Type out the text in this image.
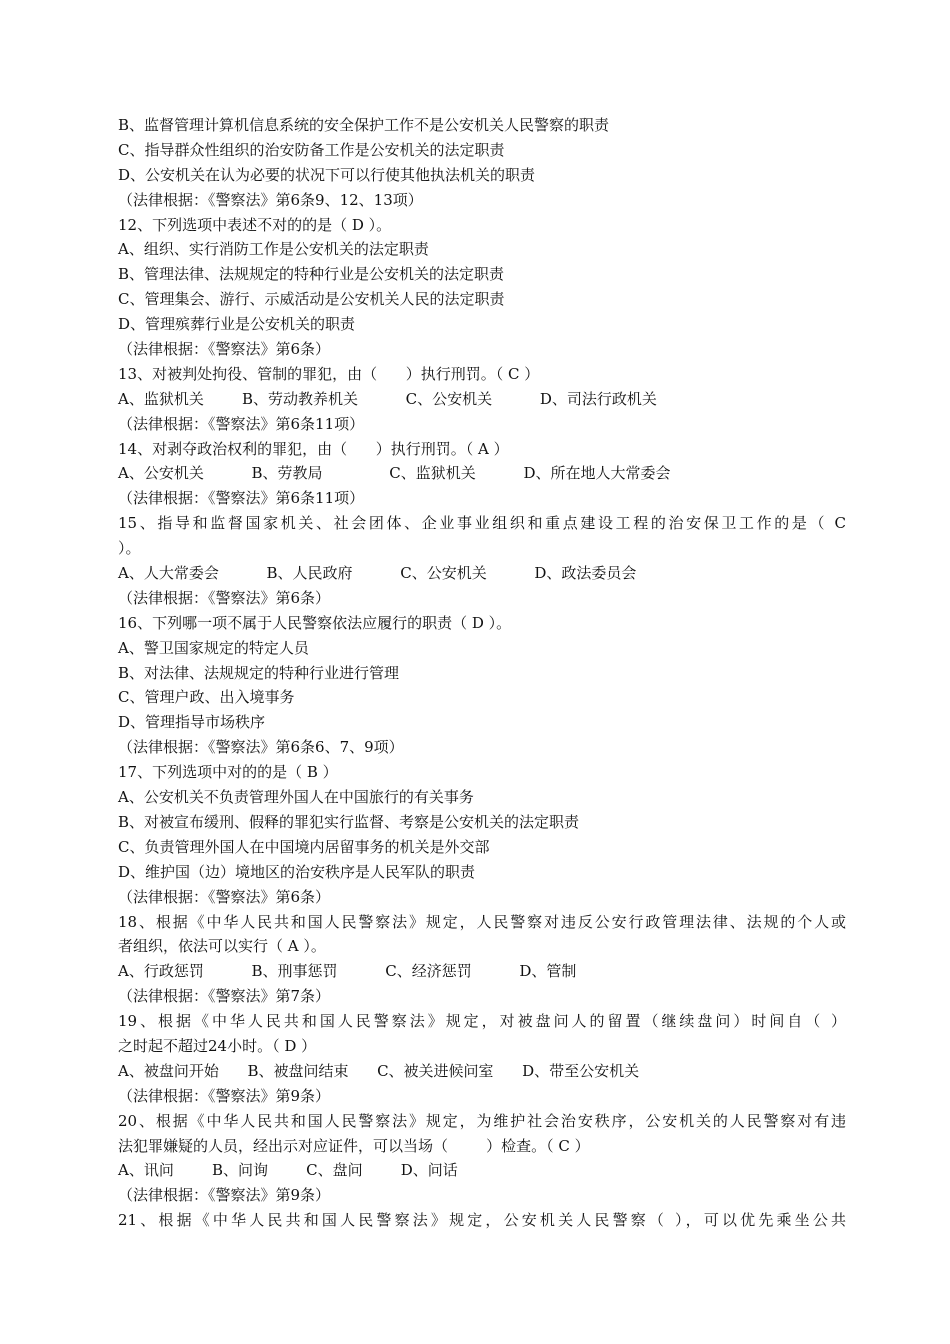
B、监督管理计算机信息系统的安全保护工作不是公安机关人民警察的职责
C、指导群众性组织的治安防备工作是公安机关的法定职责
D、公安机关在认为必要的状况下可以行使其他执法机关的职责
（法律根据：《警察法》第6条9、12、13项）
12、下列选项中表述不对的的是（ D ）。
A、组织、实行消防工作是公安机关的法定职责
B、管理法律、法规规定的特种行业是公安机关的法定职责
C、管理集会、游行、示威活动是公安机关人民的法定职责
D、管理殡葬行业是公安机关的职责
（法律根据：《警察法》第6条）
13、对被判处拘役、管制的罪犯，由（      ）执行刑罚。（ C ）
A、监狱机关        B、劳动教养机关          C、公安机关          D、司法行政机关
（法律根据：《警察法》第6条11项）
14、对剥夺政治权利的罪犯，由（      ）执行刑罚。（ A ）
A、公安机关          B、劳教局              C、监狱机关          D、所在地人大常委会
（法律根据：《警察法》第6条11项）
15、指导和监督国家机关、社会团体、企业事业组织和重点建设工程的治安保卫工作的是（ C
）。
A、人大常委会          B、人民政府          C、公安机关          D、政法委员会
（法律根据：《警察法》第6条）
16、下列哪一项不属于人民警察依法应履行的职责（ D ）。
A、警卫国家规定的特定人员
B、对法律、法规规定的特种行业进行管理
C、管理户政、出入境事务
D、管理指导市场秩序
（法律根据：《警察法》第6条6、7、9项）
17、下列选项中对的的是（ B ）
A、公安机关不负责管理外国人在中国旅行的有关事务
B、对被宣布缓刑、假释的罪犯实行监督、考察是公安机关的法定职责
C、负责管理外国人在中国境内居留事务的机关是外交部
D、维护国（边）境地区的治安秩序是人民军队的职责
（法律根据：《警察法》第6条）
18、根据《中华人民共和国人民警察法》规定，人民警察对违反公安行政管理法律、法规的个人或
者组织，依法可以实行（ A ）。
A、行政惩罚          B、刑事惩罚          C、经济惩罚          D、管制
（法律根据：《警察法》第7条）
19、根据《中华人民共和国人民警察法》规定，对被盘问人的留置（继续盘问）时间自（ ）
之时起不超过24小时。（ D ）
A、被盘问开始      B、被盘问结束      C、被关进候问室      D、带至公安机关
（法律根据：《警察法》第9条）
20、根据《中华人民共和国人民警察法》规定，为维护社会治安秩序，公安机关的人民警察对有违
法犯罪嫌疑的人员，经出示对应证件，可以当场（        ）检查。（ C ）
A、讯问        B、问询        C、盘问        D、问话
（法律根据：《警察法》第9条）
21、根据《中华人民共和国人民警察法》规定，公安机关人民警察（ ），可以优先乘坐公共
